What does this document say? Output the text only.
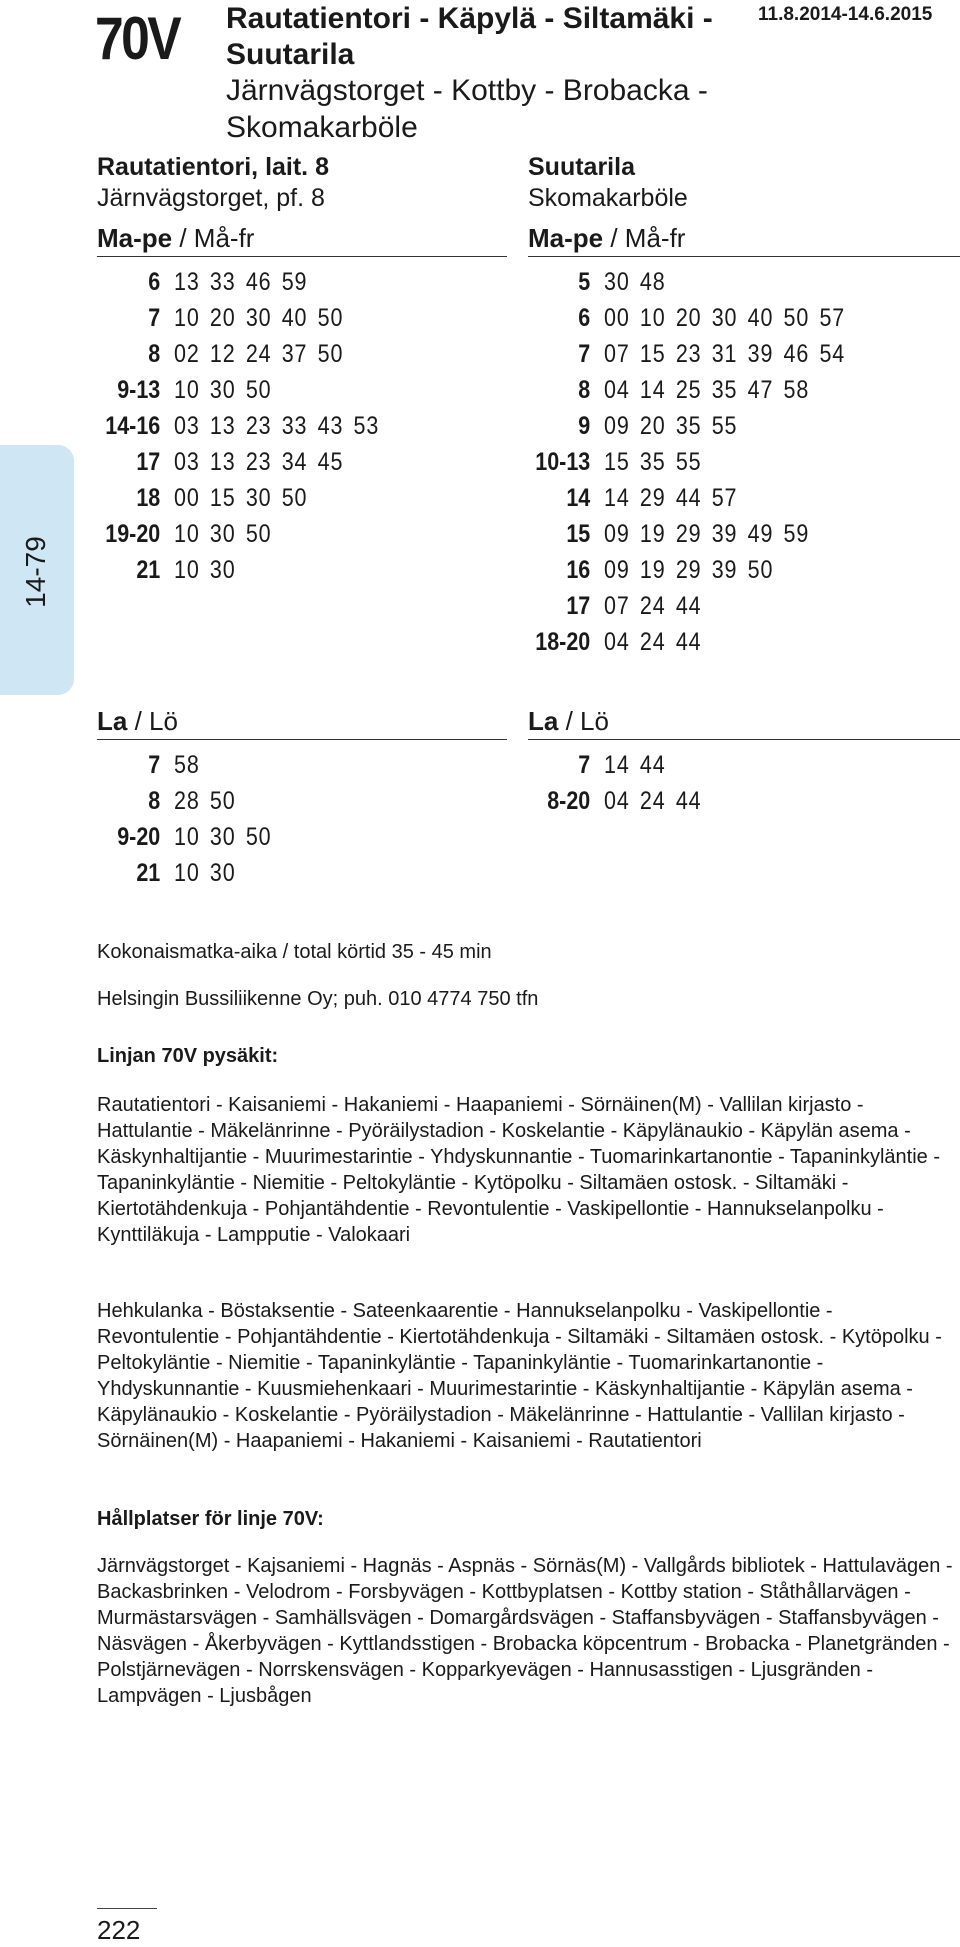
70V Rautatientori - Käpylä - Siltamäki - 11.8.2014-14.6.2015
Suutarila
Järnvägstorget - Kottby - Brobacka -
Skomakarböle
14-79
Rautatientori, lait. 8
Järnvägstorget, pf. 8
Suutarila
Skomakarböle
Ma-pe / Må-fr	Ma-pe / Må-fr
6 13 33 46 59
7 10 20 30 40 50
8 02 12 24 37 50
9-13 10 30 50
14-16 03 13 23 33 43 53
17 03 13 23 34 45
18 00 15 30 50
19-20 10 30 50
21 10 30
5 30 48
6 00 10 20 30 40 50 57
7 07 15 23 31 39 46 54
8 04 14 25 35 47 58
9 09 20 35 55
10-13 15 35 55
14 14 29 44 57
15 09 19 29 39 49 59
16 09 19 29 39 50
17 07 24 44
18-20 04 24 44
La / Lö	La / Lö
7 58
8 28 50
9-20 10 30 50
21 10 30
7 14 44
8-20 04 24 44
Kokonaismatka-aika / total körtid 35 - 45 min
Helsingin Bussiliikenne Oy; puh. 010 4774 750 tfn
Linjan 70V pysäkit:
Rautatientori - Kaisaniemi - Hakaniemi - Haapaniemi - Sörnäinen(M) - Vallilan kirjasto - Hattulantie - Mäkelänrinne - Pyöräilystadion - Koskelantie - Käpylänaukio - Käpylän asema - Käskynhaltijantie - Muurimestarintie - Yhdyskunnantie - Tuomarinkartanontie - Tapaninkyläntie - Tapaninkyläntie - Niemitie - Peltokyläntie - Kytöpolku - Siltamäen ostosk. - Siltamäki - Kiertotähdenkuja - Pohjantähdentie - Revontulentie - Vaskipellontie - Hannukselanpolku - Kynttiläkuja - Lampputie - Valokaari
Hehkulanka - Böstaksentie - Sateenkaarentie - Hannukselanpolku - Vaskipellontie - Revontulentie - Pohjantähdentie - Kiertotähdenkuja - Siltamäki - Siltamäen ostosk. - Kytöpolku - Peltokyläntie - Niemitie - Tapaninkyläntie - Tapaninkyläntie - Tuomarinkartanontie - Yhdyskunnantie - Kuusmiehenkaari - Muurimestarintie - Käskynhaltijantie - Käpylän asema - Käpylänaukio - Koskelantie - Pyöräilystadion - Mäkelänrinne - Hattulantie - Vallilan kirjasto - Sörnäinen(M) - Haapaniemi - Hakaniemi - Kaisaniemi - Rautatientori
Hållplatser för linje 70V:
Järnvägstorget - Kajsaniemi - Hagnäs - Aspnäs - Sörnäs(M) - Vallgårds bibliotek - Hattulavägen - Backasbrinken - Velodrom - Forsbyvägen - Kottbyplatsen - Kottby station - Ståthållarvägen - Murmästarsvägen - Samhällsvägen - Domargårdsvägen - Staffansbyvägen - Staffansbyvägen - Näsvägen - Åkerbyvägen - Kyttlandsstigen - Brobacka köpcentrum - Brobacka - Planetgränden - Polstjärnevägen - Norrskensvägen - Kopparkyevägen - Hannusasstigen - Ljusgränden - Lampvägen - Ljusbågen
222
